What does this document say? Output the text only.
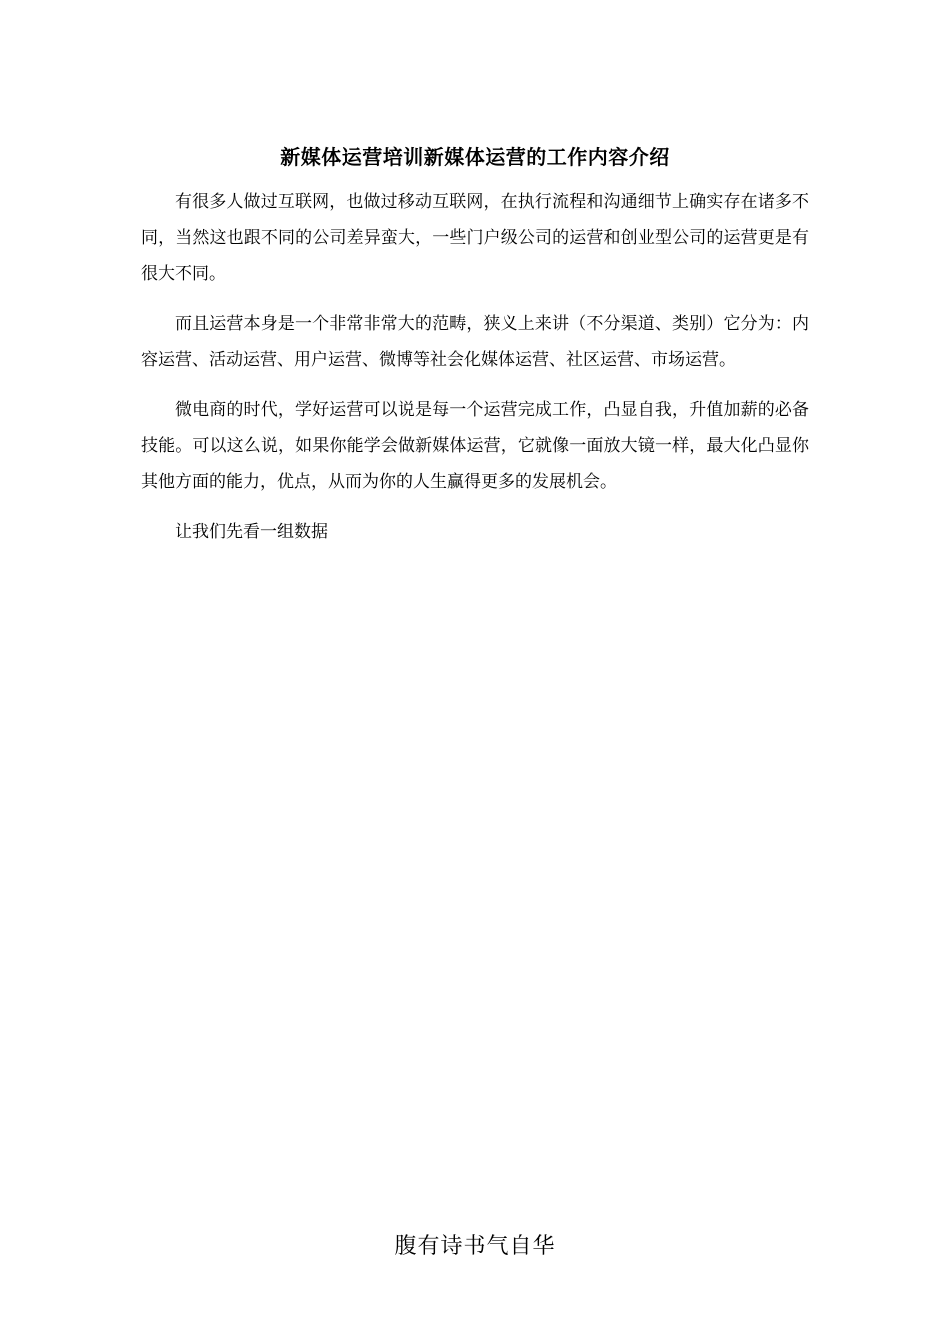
新媒体运营培训新媒体运营的工作内容介绍

有很多人做过互联网，也做过移动互联网，在执行流程和沟通细节上确实存在诸多不同，当然这也跟不同的公司差异蛮大，一些门户级公司的运营和创业型公司的运营更是有很大不同。

而且运营本身是一个非常非常大的范畴，狭义上来讲（不分渠道、类别）它分为：内容运营、活动运营、用户运营、微博等社会化媒体运营、社区运营、市场运营。

微电商的时代，学好运营可以说是每一个运营完成工作，凸显自我，升值加薪的必备技能。可以这么说，如果你能学会做新媒体运营，它就像一面放大镜一样，最大化凸显你其他方面的能力，优点，从而为你的人生赢得更多的发展机会。

让我们先看一组数据

腹有诗书气自华
